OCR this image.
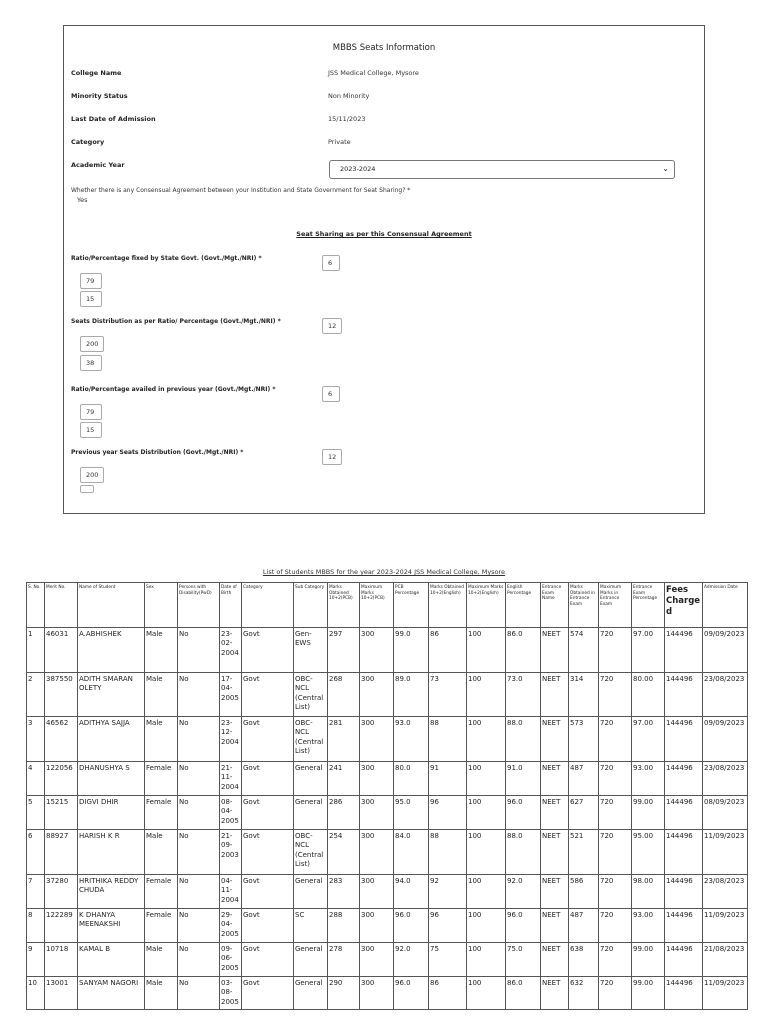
MBBS Seats Information
College Name	JSS Medical College, Mysore
Minority Status	Non Minority
Last Date of Admission	15/11/2023
Category	Private
Academic Year	2023-2024	⌄
Whether there is any Consensual Agreement between your Institution and State Government for Seat Sharing? *
Yes
Seat Sharing as per this Consensual Agreement
Ratio/Percentage fixed by State Govt. (Govt./Mgt./NRI) *
6
79
15
Seats Distribution as per Ratio/ Percentage (Govt./Mgt./NRI) *
12
200
38
Ratio/Percentage availed in previous year (Govt./Mgt./NRI) *
6
79
15
Previous year Seats Distribution (Govt./Mgt./NRI) *
12
200
List of Students MBBS for the year 2023-2024 JSS Medical College, Mysore
S. No.	Merit No.	Name of Student	Sex	Persons with Disability(PwD)	Date of Birth	Category	Sub Category	Marks Obtained 10+2(PCB)	Maximum Marks 10+2(PCB)	PCB Percentage	Marks Obtained 10+2(English)	Maximum Marks 10+2(English)	English Percentage	Entrance Exam Name	Marks Obtained in Entrance Exam	Maximum Marks in Entrance Exam	Entrance Exam Percentage	Fees Charged	Admission Date
1	46031	A.ABHISHEK	Male	No	23-02-2004	Govt	Gen-EWS	297	300	99.0	86	100	86.0	NEET	574	720	97.00	144496	09/09/2023
2	387550	ADITH SMARAN OLETY	Male	No	17-04-2005	Govt	OBC-NCL (Central List)	268	300	89.0	73	100	73.0	NEET	314	720	80.00	144496	23/08/2023
3	46562	ADITHYA SAJJA	Male	No	23-12-2004	Govt	OBC-NCL (Central List)	281	300	93.0	88	100	88.0	NEET	573	720	97.00	144496	09/09/2023
4	122056	DHANUSHYA S	Female	No	21-11-2004	Govt	General	241	300	80.0	91	100	91.0	NEET	487	720	93.00	144496	23/08/2023
5	15215	DIGVI DHIR	Female	No	08-04-2005	Govt	General	286	300	95.0	96	100	96.0	NEET	627	720	99.00	144496	08/09/2023
6	88927	HARISH K R	Male	No	21-09-2003	Govt	OBC-NCL (Central List)	254	300	84.0	88	100	88.0	NEET	521	720	95.00	144496	11/09/2023
7	37280	HRITHIKA REDDY CHUDA	Female	No	04-11-2004	Govt	General	283	300	94.0	92	100	92.0	NEET	586	720	98.00	144496	23/08/2023
8	122289	K DHANYA MEENAKSHI	Female	No	29-04-2005	Govt	SC	288	300	96.0	96	100	96.0	NEET	487	720	93.00	144496	11/09/2023
9	10718	KAMAL B	Male	No	09-06-2005	Govt	General	278	300	92.0	75	100	75.0	NEET	638	720	99.00	144496	21/08/2023
10	13001	SANYAM NAGORI	Male	No	03-08-2005	Govt	General	290	300	96.0	86	100	86.0	NEET	632	720	99.00	144496	11/09/2023
